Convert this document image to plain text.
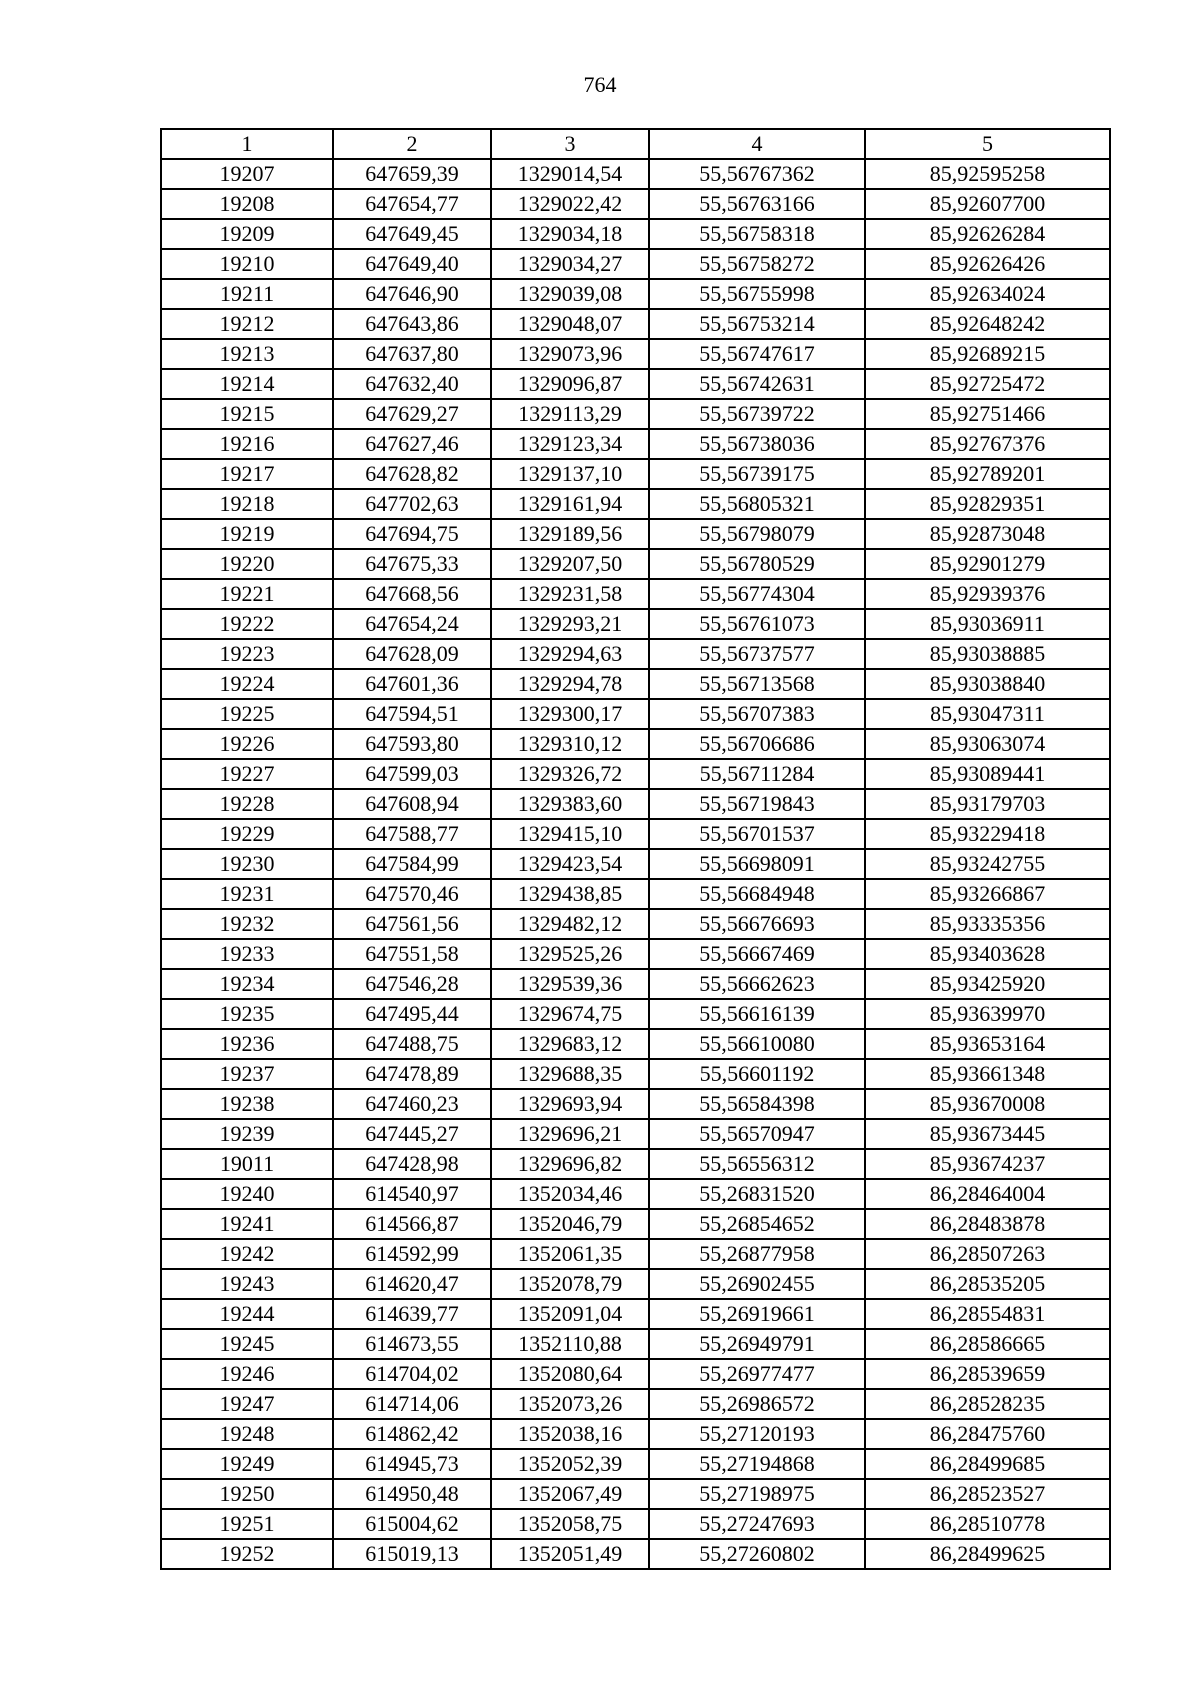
764
1	2	3	4	5
19207	647659,39	1329014,54	55,56767362	85,92595258
19208	647654,77	1329022,42	55,56763166	85,92607700
19209	647649,45	1329034,18	55,56758318	85,92626284
19210	647649,40	1329034,27	55,56758272	85,92626426
19211	647646,90	1329039,08	55,56755998	85,92634024
19212	647643,86	1329048,07	55,56753214	85,92648242
19213	647637,80	1329073,96	55,56747617	85,92689215
19214	647632,40	1329096,87	55,56742631	85,92725472
19215	647629,27	1329113,29	55,56739722	85,92751466
19216	647627,46	1329123,34	55,56738036	85,92767376
19217	647628,82	1329137,10	55,56739175	85,92789201
19218	647702,63	1329161,94	55,56805321	85,92829351
19219	647694,75	1329189,56	55,56798079	85,92873048
19220	647675,33	1329207,50	55,56780529	85,92901279
19221	647668,56	1329231,58	55,56774304	85,92939376
19222	647654,24	1329293,21	55,56761073	85,93036911
19223	647628,09	1329294,63	55,56737577	85,93038885
19224	647601,36	1329294,78	55,56713568	85,93038840
19225	647594,51	1329300,17	55,56707383	85,93047311
19226	647593,80	1329310,12	55,56706686	85,93063074
19227	647599,03	1329326,72	55,56711284	85,93089441
19228	647608,94	1329383,60	55,56719843	85,93179703
19229	647588,77	1329415,10	55,56701537	85,93229418
19230	647584,99	1329423,54	55,56698091	85,93242755
19231	647570,46	1329438,85	55,56684948	85,93266867
19232	647561,56	1329482,12	55,56676693	85,93335356
19233	647551,58	1329525,26	55,56667469	85,93403628
19234	647546,28	1329539,36	55,56662623	85,93425920
19235	647495,44	1329674,75	55,56616139	85,93639970
19236	647488,75	1329683,12	55,56610080	85,93653164
19237	647478,89	1329688,35	55,56601192	85,93661348
19238	647460,23	1329693,94	55,56584398	85,93670008
19239	647445,27	1329696,21	55,56570947	85,93673445
19011	647428,98	1329696,82	55,56556312	85,93674237
19240	614540,97	1352034,46	55,26831520	86,28464004
19241	614566,87	1352046,79	55,26854652	86,28483878
19242	614592,99	1352061,35	55,26877958	86,28507263
19243	614620,47	1352078,79	55,26902455	86,28535205
19244	614639,77	1352091,04	55,26919661	86,28554831
19245	614673,55	1352110,88	55,26949791	86,28586665
19246	614704,02	1352080,64	55,26977477	86,28539659
19247	614714,06	1352073,26	55,26986572	86,28528235
19248	614862,42	1352038,16	55,27120193	86,28475760
19249	614945,73	1352052,39	55,27194868	86,28499685
19250	614950,48	1352067,49	55,27198975	86,28523527
19251	615004,62	1352058,75	55,27247693	86,28510778
19252	615019,13	1352051,49	55,27260802	86,28499625
